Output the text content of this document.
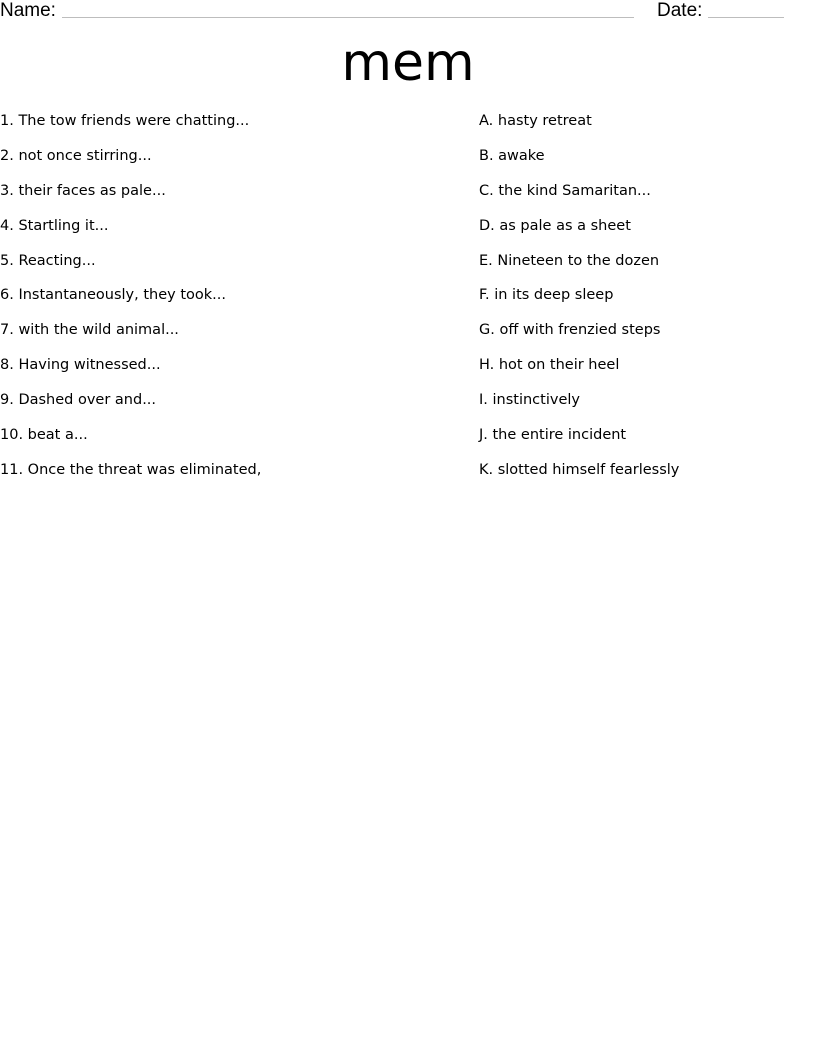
Name:	Date:
mem
1. The tow friends were chatting...
2. not once stirring...
3. their faces as pale...
4. Startling it...
5. Reacting...
6. Instantaneously, they took...
7. with the wild animal...
8. Having witnessed...
9. Dashed over and...
10. beat a...
11. Once the threat was eliminated,
A. hasty retreat
B. awake
C. the kind Samaritan...
D. as pale as a sheet
E. Nineteen to the dozen
F. in its deep sleep
G. off with frenzied steps
H. hot on their heel
I. instinctively
J. the entire incident
K. slotted himself fearlessly
